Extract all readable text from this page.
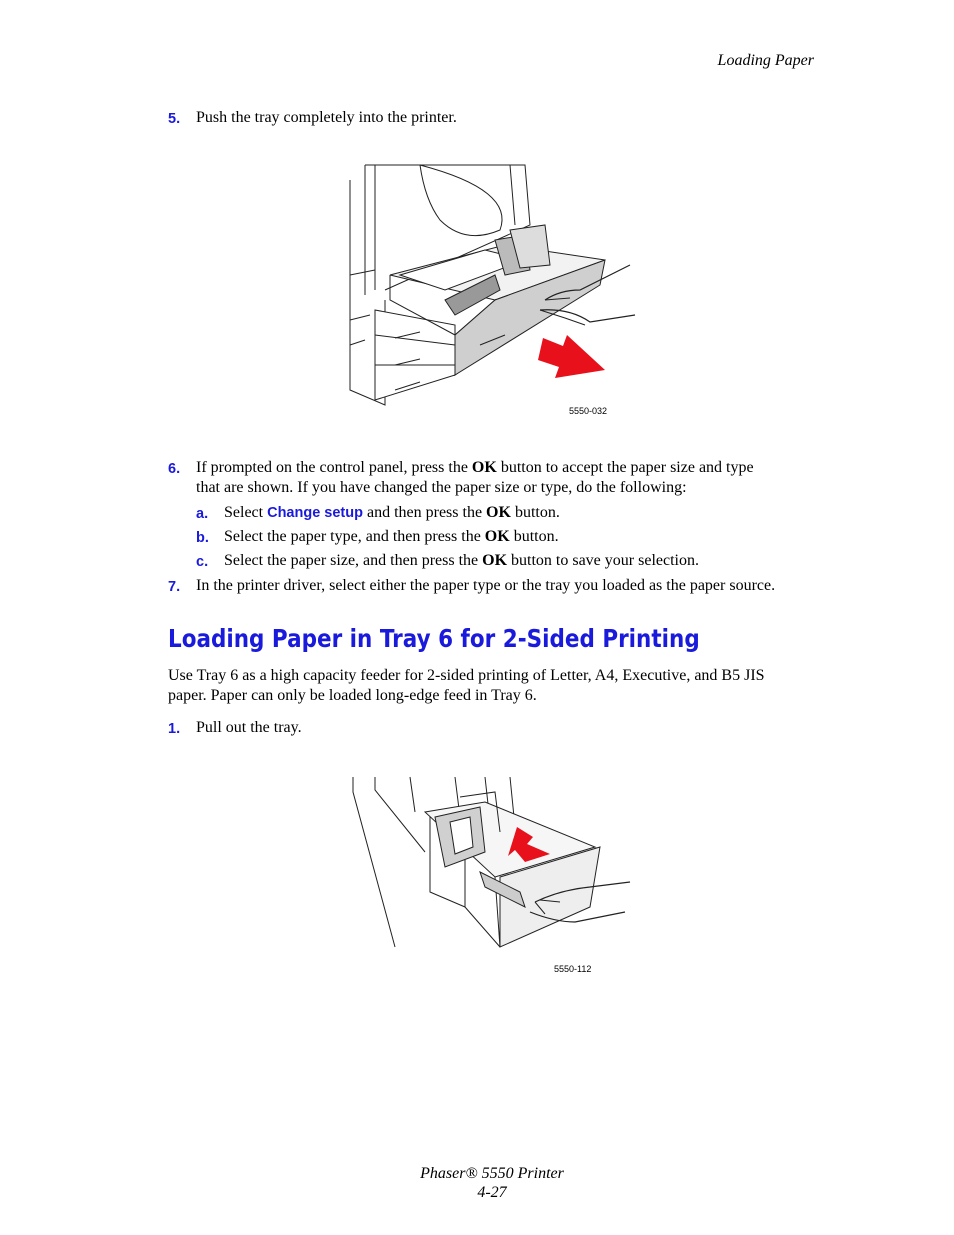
Loading Paper
5. Push the tray completely into the printer.
5550-032
6. If prompted on the control panel, press the OK button to accept the paper size and type
that are shown. If you have changed the paper size or type, do the following:
a. Select Change setup and then press the OK button.
b. Select the paper type, and then press the OK button.
c. Select the paper size, and then press the OK button to save your selection.
7. In the printer driver, select either the paper type or the tray you loaded as the paper source.
Loading Paper in Tray 6 for 2-Sided Printing
Use Tray 6 as a high capacity feeder for 2-sided printing of Letter, A4, Executive, and B5 JIS
paper. Paper can only be loaded long-edge feed in Tray 6.
1. Pull out the tray.
5550-112
Phaser® 5550 Printer
4-27
